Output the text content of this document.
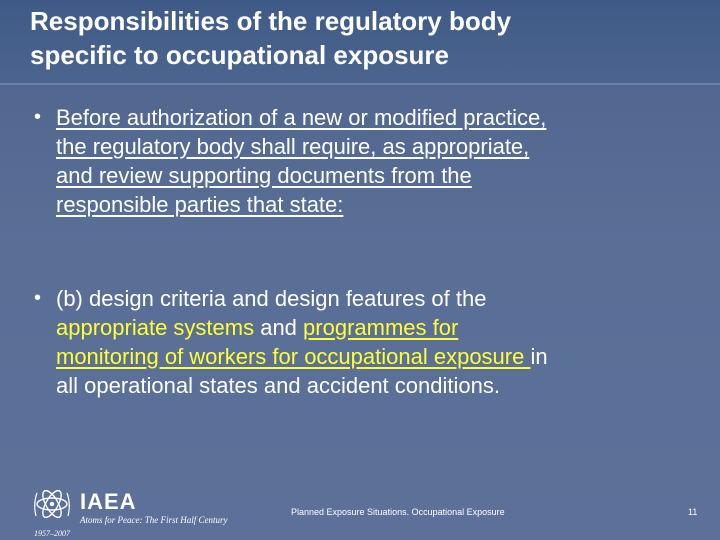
Responsibilities of the regulatory body
specific to occupational exposure
• Before authorization of a new or modified practice,
the regulatory body shall require, as appropriate,
and review supporting documents from the
responsible parties that state:
• (b) design criteria and design features of the
appropriate systems and programmes for
monitoring of workers for occupational exposure in
all operational states and accident conditions.
IAEA
Atoms for Peace: The First Half Century
1957–2007
Planned Exposure Situations. Occupational Exposure	11
